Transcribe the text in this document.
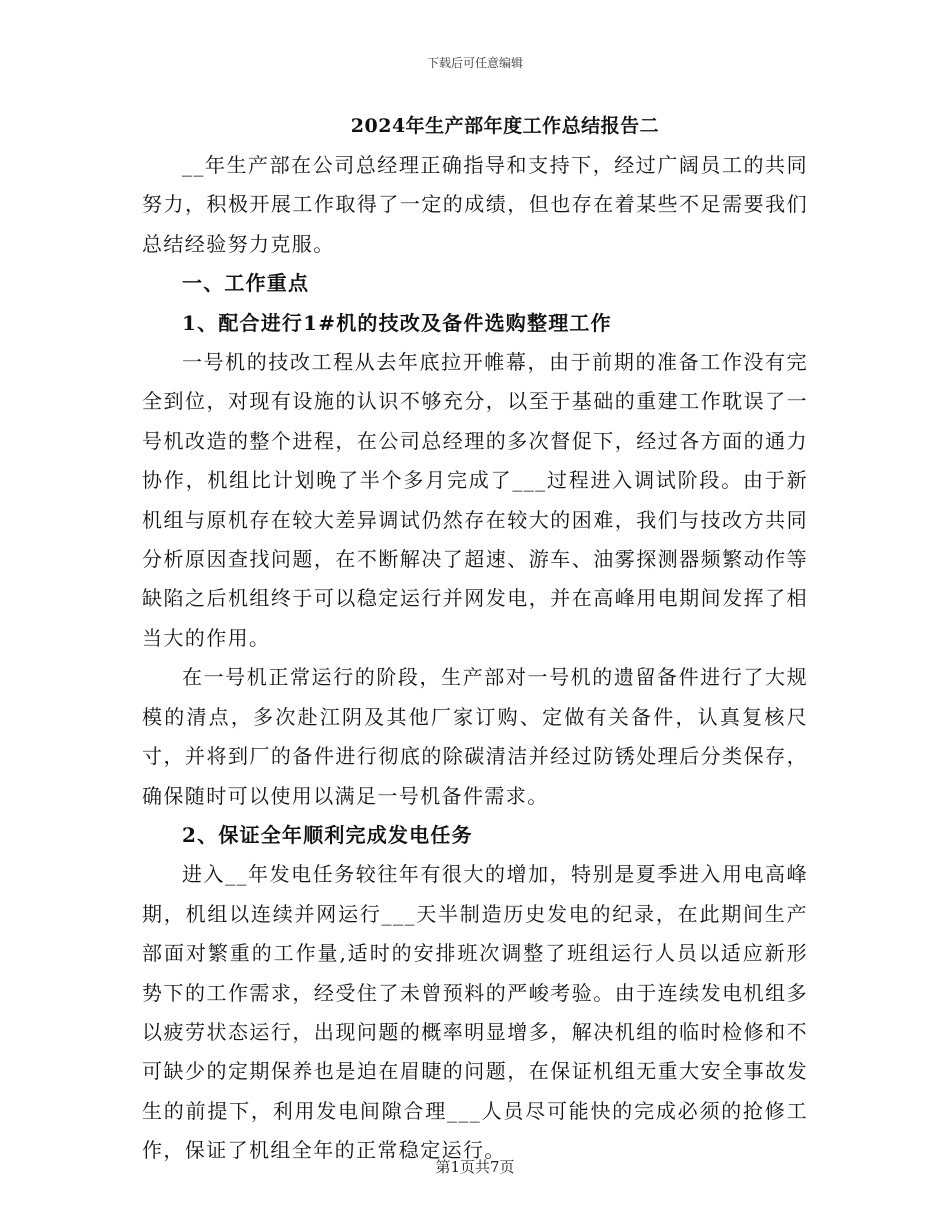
下载后可任意编辑
2024年生产部年度工作总结报告二

__年生产部在公司总经理正确指导和支持下，经过广阔员工的共同努力，积极开展工作取得了一定的成绩，但也存在着某些不足需要我们总结经验努力克服。

一、工作重点

1、配合进行1#机的技改及备件选购整理工作

一号机的技改工程从去年底拉开帷幕，由于前期的准备工作没有完全到位，对现有设施的认识不够充分，以至于基础的重建工作耽误了一号机改造的整个进程，在公司总经理的多次督促下，经过各方面的通力协作，机组比计划晚了半个多月完成了___过程进入调试阶段。由于新机组与原机存在较大差异调试仍然存在较大的困难，我们与技改方共同分析原因查找问题，在不断解决了超速、游车、油雾探测器频繁动作等缺陷之后机组终于可以稳定运行并网发电，并在高峰用电期间发挥了相当大的作用。

在一号机正常运行的阶段，生产部对一号机的遗留备件进行了大规模的清点，多次赴江阴及其他厂家订购、定做有关备件，认真复核尺寸，并将到厂的备件进行彻底的除碳清洁并经过防锈处理后分类保存，确保随时可以使用以满足一号机备件需求。

2、保证全年顺利完成发电任务

进入__年发电任务较往年有很大的增加，特别是夏季进入用电高峰期，机组以连续并网运行___天半制造历史发电的纪录，在此期间生产部面对繁重的工作量,适时的安排班次调整了班组运行人员以适应新形势下的工作需求，经受住了未曾预料的严峻考验。由于连续发电机组多以疲劳状态运行，出现问题的概率明显增多，解决机组的临时检修和不可缺少的定期保养也是迫在眉睫的问题，在保证机组无重大安全事故发生的前提下，利用发电间隙合理___人员尽可能快的完成必须的抢修工作，保证了机组全年的正常稳定运行。

第1页共7页
